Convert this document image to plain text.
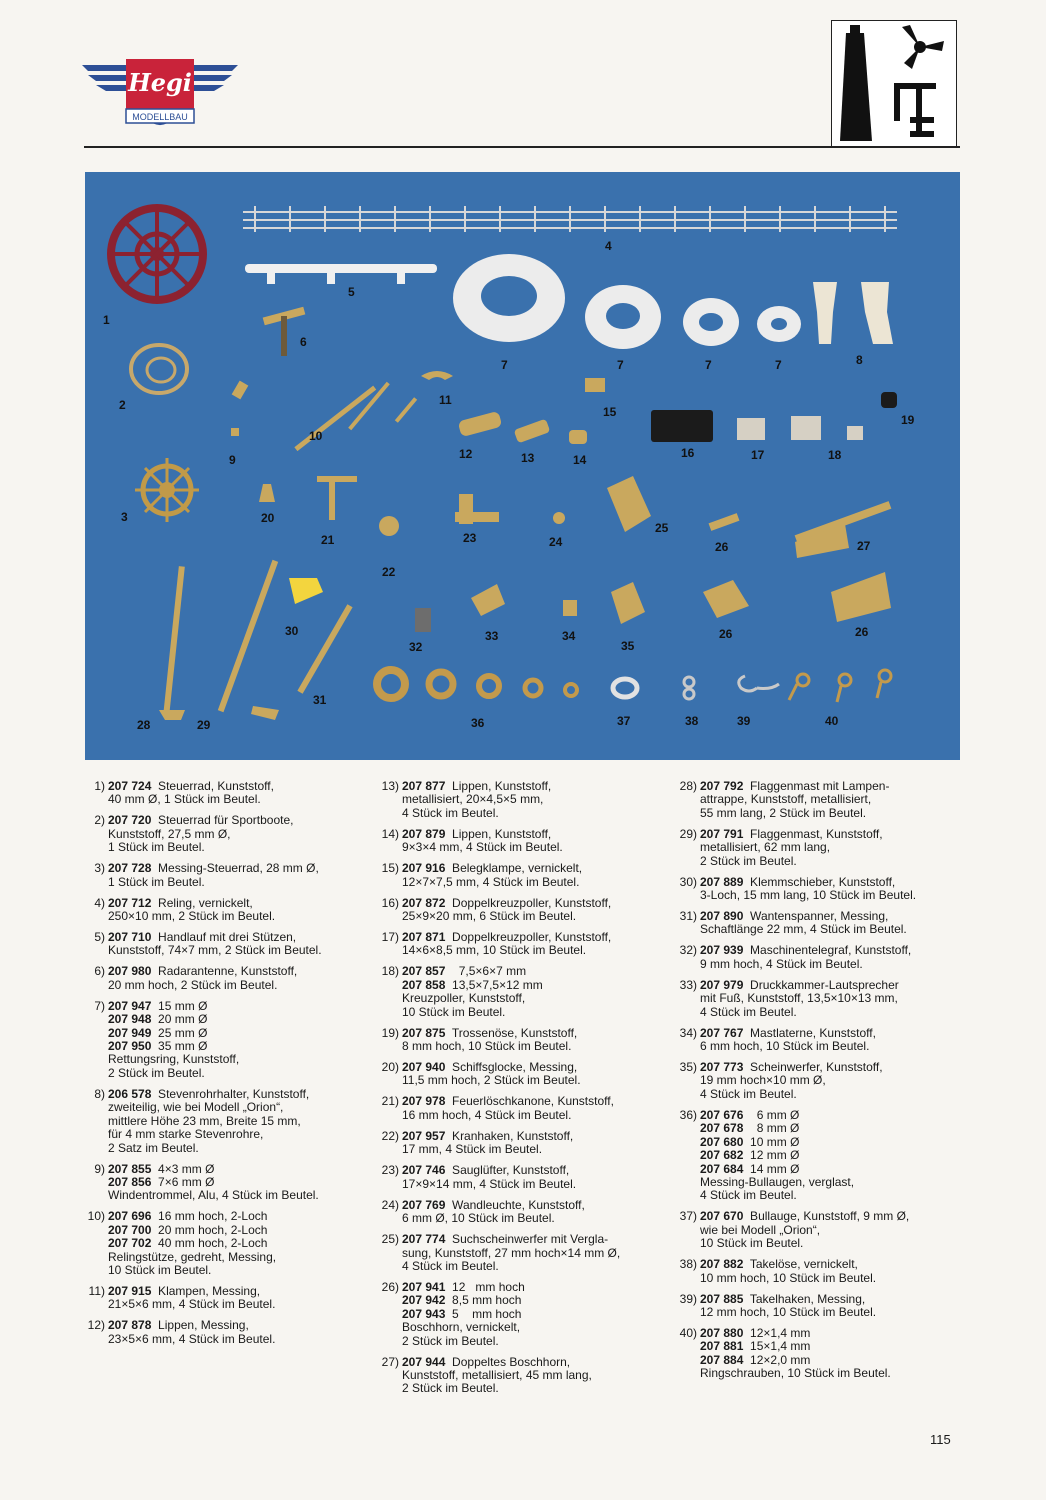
Hegi
MODELLBAU
1
2
3
4
5
6
7	7	7	7	8
9
10
11
12	13	14
15
16	17	18
19
20
21
22
23	24
25
26
26	26
27
28	29
30
31
32
33	34
35
36	37	38	39	40
1) 207 724  Steuerrad, Kunststoff,
40 mm Ø, 1 Stück im Beutel.
2) 207 720  Steuerrad für Sportboote,
Kunststoff, 27,5 mm Ø,
1 Stück im Beutel.
3) 207 728  Messing-Steuerrad, 28 mm Ø,
1 Stück im Beutel.
4) 207 712  Reling, vernickelt,
250×10 mm, 2 Stück im Beutel.
5) 207 710  Handlauf mit drei Stützen,
Kunststoff, 74×7 mm, 2 Stück im Beutel.
6) 207 980  Radarantenne, Kunststoff,
20 mm hoch, 2 Stück im Beutel.
7) 207 947  15 mm Ø
207 948  20 mm Ø
207 949  25 mm Ø
207 950  35 mm Ø
Rettungsring, Kunststoff,
2 Stück im Beutel.
8) 206 578  Stevenrohrhalter, Kunststoff,
zweiteilig, wie bei Modell „Orion“,
mittlere Höhe 23 mm, Breite 15 mm,
für 4 mm starke Stevenrohre,
2 Satz im Beutel.
9) 207 855  4×3 mm Ø
207 856  7×6 mm Ø
Windentrommel, Alu, 4 Stück im Beutel.
10) 207 696  16 mm hoch, 2-Loch
207 700  20 mm hoch, 2-Loch
207 702  40 mm hoch, 2-Loch
Relingstütze, gedreht, Messing,
10 Stück im Beutel.
11) 207 915  Klampen, Messing,
21×5×6 mm, 4 Stück im Beutel.
12) 207 878  Lippen, Messing,
23×5×6 mm, 4 Stück im Beutel.
13) 207 877  Lippen, Kunststoff,
metallisiert, 20×4,5×5 mm,
4 Stück im Beutel.
14) 207 879  Lippen, Kunststoff,
9×3×4 mm, 4 Stück im Beutel.
15) 207 916  Belegklampe, vernickelt,
12×7×7,5 mm, 4 Stück im Beutel.
16) 207 872  Doppelkreuzpoller, Kunststoff,
25×9×20 mm, 6 Stück im Beutel.
17) 207 871  Doppelkreuzpoller, Kunststoff,
14×6×8,5 mm, 10 Stück im Beutel.
18) 207 857    7,5×6×7 mm
207 858  13,5×7,5×12 mm
Kreuzpoller, Kunststoff,
10 Stück im Beutel.
19) 207 875  Trossenöse, Kunststoff,
8 mm hoch, 10 Stück im Beutel.
20) 207 940  Schiffsglocke, Messing,
11,5 mm hoch, 2 Stück im Beutel.
21) 207 978  Feuerlöschkanone, Kunststoff,
16 mm hoch, 4 Stück im Beutel.
22) 207 957  Kranhaken, Kunststoff,
17 mm, 4 Stück im Beutel.
23) 207 746  Sauglüfter, Kunststoff,
17×9×14 mm, 4 Stück im Beutel.
24) 207 769  Wandleuchte, Kunststoff,
6 mm Ø, 10 Stück im Beutel.
25) 207 774  Suchscheinwerfer mit Vergla-
sung, Kunststoff, 27 mm hoch×14 mm Ø,
4 Stück im Beutel.
26) 207 941  12   mm hoch
207 942  8,5 mm hoch
207 943  5    mm hoch
Boschhorn, vernickelt,
2 Stück im Beutel.
27) 207 944  Doppeltes Boschhorn,
Kunststoff, metallisiert, 45 mm lang,
2 Stück im Beutel.
28) 207 792  Flaggenmast mit Lampen-
attrappe, Kunststoff, metallisiert,
55 mm lang, 2 Stück im Beutel.
29) 207 791  Flaggenmast, Kunststoff,
metallisiert, 62 mm lang,
2 Stück im Beutel.
30) 207 889  Klemmschieber, Kunststoff,
3-Loch, 15 mm lang, 10 Stück im Beutel.
31) 207 890  Wantenspanner, Messing,
Schaftlänge 22 mm, 4 Stück im Beutel.
32) 207 939  Maschinentelegraf, Kunststoff,
9 mm hoch, 4 Stück im Beutel.
33) 207 979  Druckkammer-Lautsprecher
mit Fuß, Kunststoff, 13,5×10×13 mm,
4 Stück im Beutel.
34) 207 767  Mastlaterne, Kunststoff,
6 mm hoch, 10 Stück im Beutel.
35) 207 773  Scheinwerfer, Kunststoff,
19 mm hoch×10 mm Ø,
4 Stück im Beutel.
36) 207 676    6 mm Ø
207 678    8 mm Ø
207 680  10 mm Ø
207 682  12 mm Ø
207 684  14 mm Ø
Messing-Bullaugen, verglast,
4 Stück im Beutel.
37) 207 670  Bullauge, Kunststoff, 9 mm Ø,
wie bei Modell „Orion“,
10 Stück im Beutel.
38) 207 882  Takelöse, vernickelt,
10 mm hoch, 10 Stück im Beutel.
39) 207 885  Takelhaken, Messing,
12 mm hoch, 10 Stück im Beutel.
40) 207 880  12×1,4 mm
207 881  15×1,4 mm
207 884  12×2,0 mm
Ringschrauben, 10 Stück im Beutel.
115
